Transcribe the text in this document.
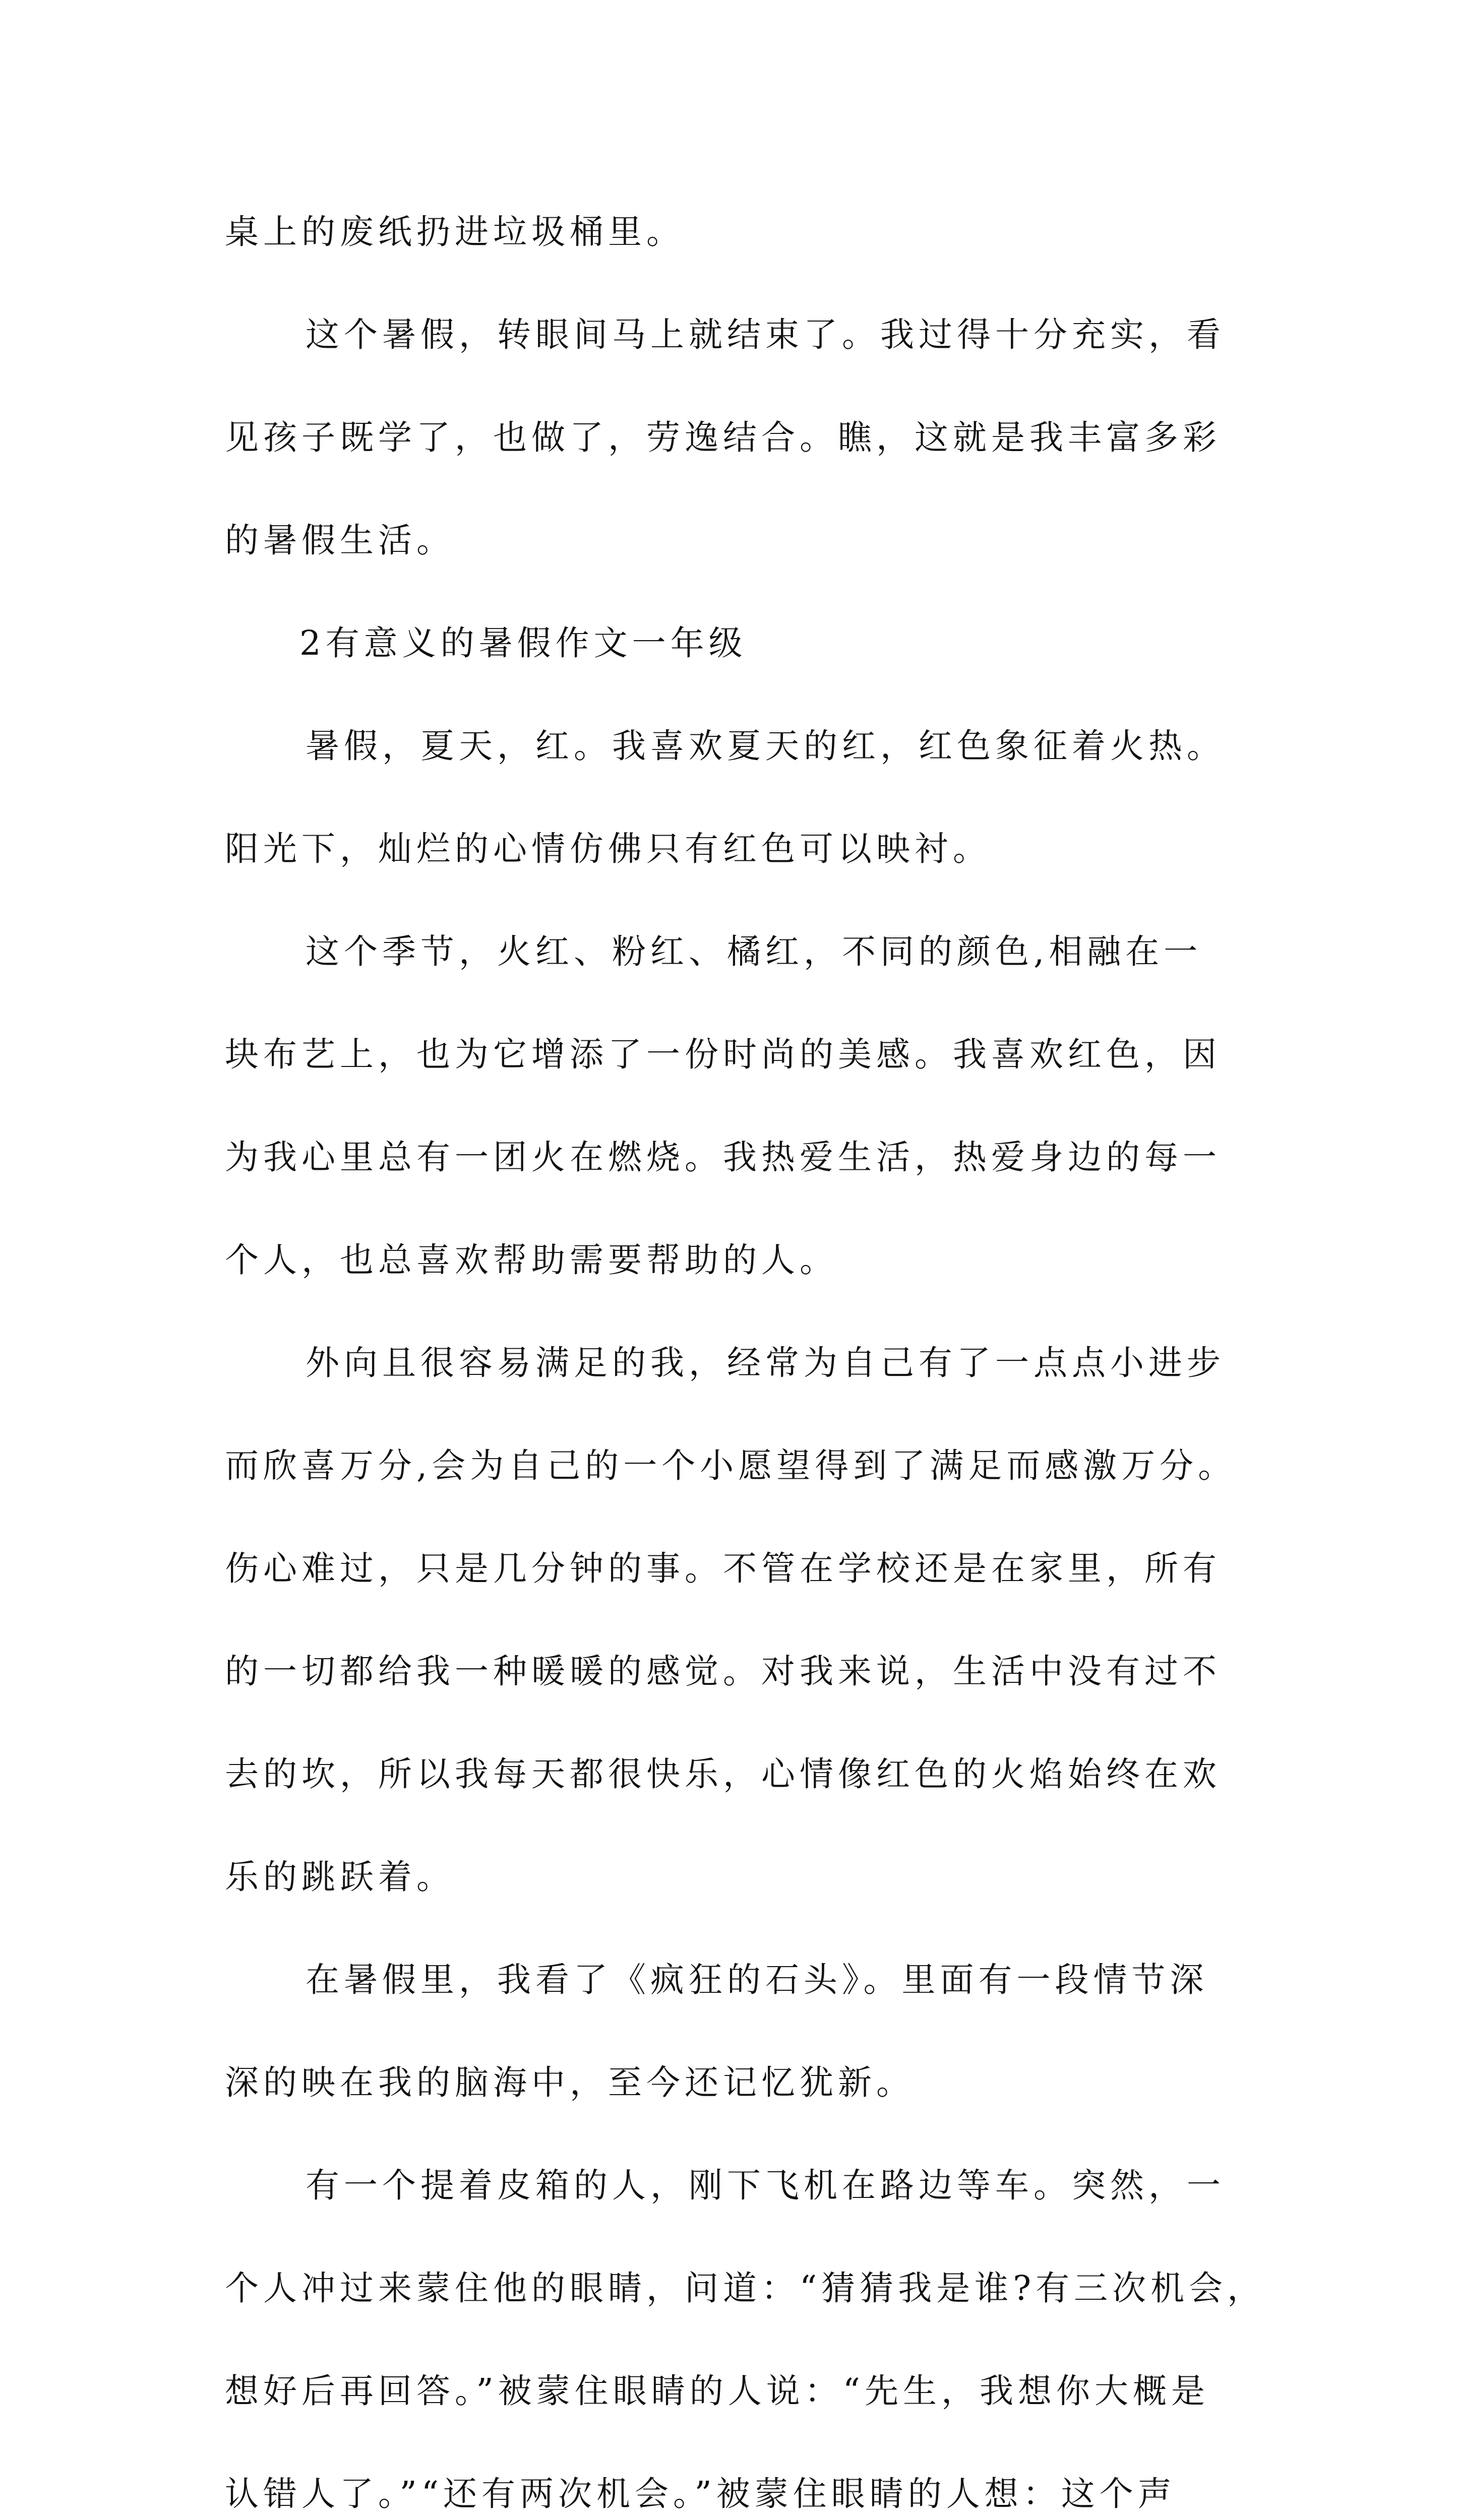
桌上的废纸扔进垃圾桶里。
这个暑假，转眼间马上就结束了。我过得十分充实，看
见孩子既学了，也做了，劳逸结合。瞧，这就是我丰富多彩
的暑假生活。
2有意义的暑假作文一年级
暑假，夏天，红。我喜欢夏天的红，红色象征着火热。
阳光下，灿烂的心情仿佛只有红色可以映衬。
这个季节，火红、粉红、橘红，不同的颜色,相融在一
块布艺上，也为它增添了一份时尚的美感。我喜欢红色，因
为我心里总有一团火在燃烧。我热爱生活，热爱身边的每一
个人，也总喜欢帮助需要帮助的人。
外向且很容易满足的我，经常为自己有了一点点小进步
而欣喜万分,会为自己的一个小愿望得到了满足而感激万分。
伤心难过，只是几分钟的事。不管在学校还是在家里，所有
的一切都给我一种暖暖的感觉。对我来说，生活中没有过不
去的坎，所以我每天都很快乐，心情像红色的火焰始终在欢
乐的跳跃着。
在暑假里，我看了《疯狂的石头》。里面有一段情节深
深的映在我的脑海中，至今还记忆犹新。
有一个提着皮箱的人，刚下飞机在路边等车。突然，一
个人冲过来蒙住他的眼睛，问道：“猜猜我是谁?有三次机会，
想好后再回答。”被蒙住眼睛的人说：“先生，我想你大概是
认错人了。”“还有两次机会。”被蒙住眼睛的人想：这个声
